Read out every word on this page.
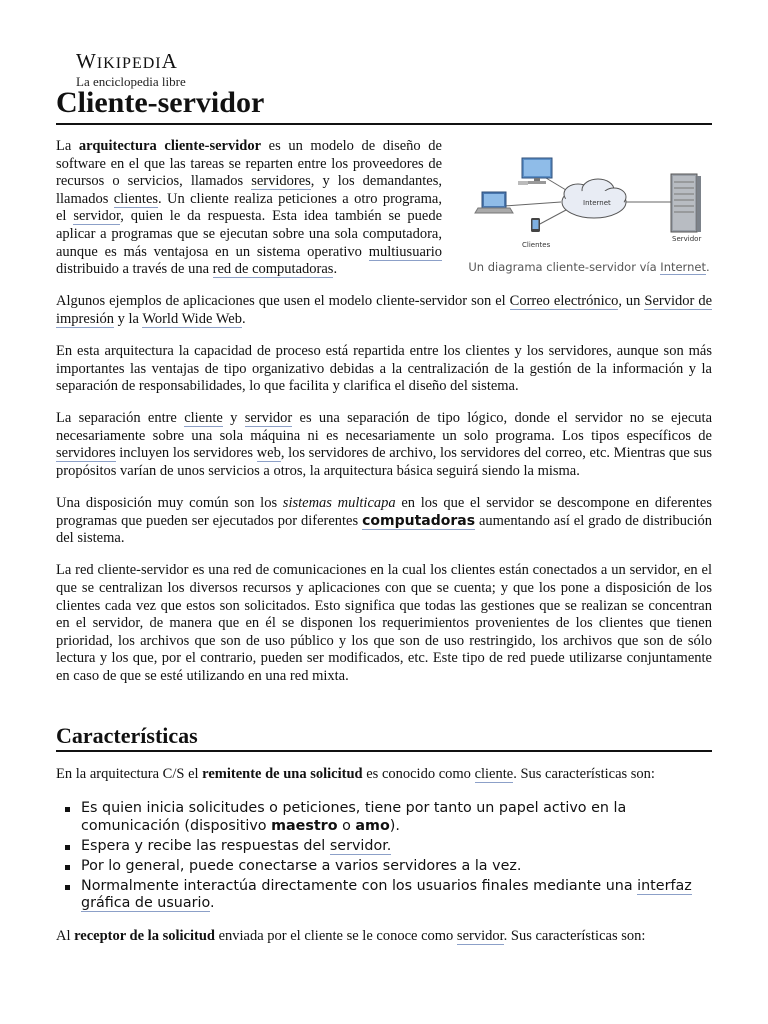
WIKIPEDIA
La enciclopedia libre
Cliente-servidor
Clientes
Internet
Servidor
Un diagrama cliente-servidor vía Internet.

La arquitectura cliente-servidor es un modelo de diseño de software en el que las tareas se reparten entre los proveedores de recursos o servicios, llamados servidores, y los demandantes, llamados clientes. Un cliente realiza peticiones a otro programa, el servidor, quien le da respuesta. Esta idea también se puede aplicar a programas que se ejecutan sobre una sola computadora, aunque es más ventajosa en un sistema operativo multiusuario distribuido a través de una red de computadoras.

Algunos ejemplos de aplicaciones que usen el modelo cliente-servidor son el Correo electrónico, un Servidor de impresión y la World Wide Web.

En esta arquitectura la capacidad de proceso está repartida entre los clientes y los servidores, aunque son más importantes las ventajas de tipo organizativo debidas a la centralización de la gestión de la información y la separación de responsabilidades, lo que facilita y clarifica el diseño del sistema.

La separación entre cliente y servidor es una separación de tipo lógico, donde el servidor no se ejecuta necesariamente sobre una sola máquina ni es necesariamente un solo programa. Los tipos específicos de servidores incluyen los servidores web, los servidores de archivo, los servidores del correo, etc. Mientras que sus propósitos varían de unos servicios a otros, la arquitectura básica seguirá siendo la misma.

Una disposición muy común son los sistemas multicapa en los que el servidor se descompone en diferentes programas que pueden ser ejecutados por diferentes computadoras aumentando así el grado de distribución del sistema.

La red cliente-servidor es una red de comunicaciones en la cual los clientes están conectados a un servidor, en el que se centralizan los diversos recursos y aplicaciones con que se cuenta; y que los pone a disposición de los clientes cada vez que estos son solicitados. Esto significa que todas las gestiones que se realizan se concentran en el servidor, de manera que en él se disponen los requerimientos provenientes de los clientes que tienen prioridad, los archivos que son de uso público y los que son de uso restringido, los archivos que son de sólo lectura y los que, por el contrario, pueden ser modificados, etc. Este tipo de red puede utilizarse conjuntamente en caso de que se esté utilizando en una red mixta.

Características
En la arquitectura C/S el remitente de una solicitud es conocido como cliente. Sus características son:
Es quien inicia solicitudes o peticiones, tiene por tanto un papel activo en la comunicación (dispositivo maestro o amo).
Espera y recibe las respuestas del servidor.
Por lo general, puede conectarse a varios servidores a la vez.
Normalmente interactúa directamente con los usuarios finales mediante una interfaz gráfica de usuario.
Al receptor de la solicitud enviada por el cliente se le conoce como servidor. Sus características son:
